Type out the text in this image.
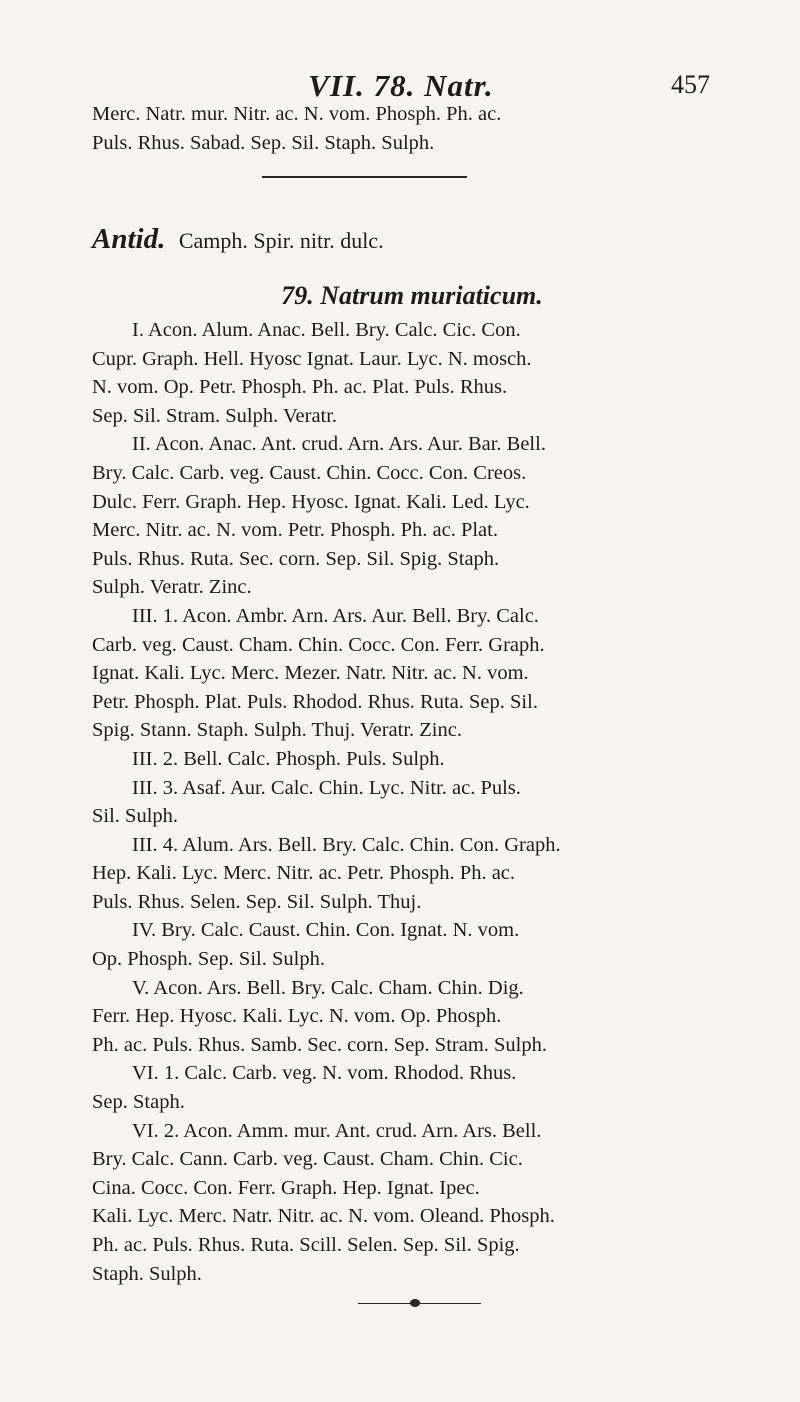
VII. 78. Natr.	457
Merc. Natr. mur. Nitr. ac. N. vom. Phosph. Ph. ac.
Puls. Rhus. Sabad. Sep. Sil. Staph. Sulph.
Antid. Camph. Spir. nitr. dulc.
79. Natrum muriaticum.
I. Acon. Alum. Anac. Bell. Bry. Calc. Cic. Con.
Cupr. Graph. Hell. Hyosc Ignat. Laur. Lyc. N. mosch.
N. vom. Op. Petr. Phosph. Ph. ac. Plat. Puls. Rhus.
Sep. Sil. Stram. Sulph. Veratr.
II. Acon. Anac. Ant. crud. Arn. Ars. Aur. Bar. Bell.
Bry. Calc. Carb. veg. Caust. Chin. Cocc. Con. Creos.
Dulc. Ferr. Graph. Hep. Hyosc. Ignat. Kali. Led. Lyc.
Merc. Nitr. ac. N. vom. Petr. Phosph. Ph. ac. Plat.
Puls. Rhus. Ruta. Sec. corn. Sep. Sil. Spig. Staph.
Sulph. Veratr. Zinc.
III. 1. Acon. Ambr. Arn. Ars. Aur. Bell. Bry. Calc.
Carb. veg. Caust. Cham. Chin. Cocc. Con. Ferr. Graph.
Ignat. Kali. Lyc. Merc. Mezer. Natr. Nitr. ac. N. vom.
Petr. Phosph. Plat. Puls. Rhodod. Rhus. Ruta. Sep. Sil.
Spig. Stann. Staph. Sulph. Thuj. Veratr. Zinc.
III. 2. Bell. Calc. Phosph. Puls. Sulph.
III. 3. Asaf. Aur. Calc. Chin. Lyc. Nitr. ac. Puls.
Sil. Sulph.
III. 4. Alum. Ars. Bell. Bry. Calc. Chin. Con. Graph.
Hep. Kali. Lyc. Merc. Nitr. ac. Petr. Phosph. Ph. ac.
Puls. Rhus. Selen. Sep. Sil. Sulph. Thuj.
IV. Bry. Calc. Caust. Chin. Con. Ignat. N. vom.
Op. Phosph. Sep. Sil. Sulph.
V. Acon. Ars. Bell. Bry. Calc. Cham. Chin. Dig.
Ferr. Hep. Hyosc. Kali. Lyc. N. vom. Op. Phosph.
Ph. ac. Puls. Rhus. Samb. Sec. corn. Sep. Stram. Sulph.
VI. 1. Calc. Carb. veg. N. vom. Rhodod. Rhus.
Sep. Staph.
VI. 2. Acon. Amm. mur. Ant. crud. Arn. Ars. Bell.
Bry. Calc. Cann. Carb. veg. Caust. Cham. Chin. Cic.
Cina. Cocc. Con. Ferr. Graph. Hep. Ignat. Ipec.
Kali. Lyc. Merc. Natr. Nitr. ac. N. vom. Oleand. Phosph.
Ph. ac. Puls. Rhus. Ruta. Scill. Selen. Sep. Sil. Spig.
Staph. Sulph.
